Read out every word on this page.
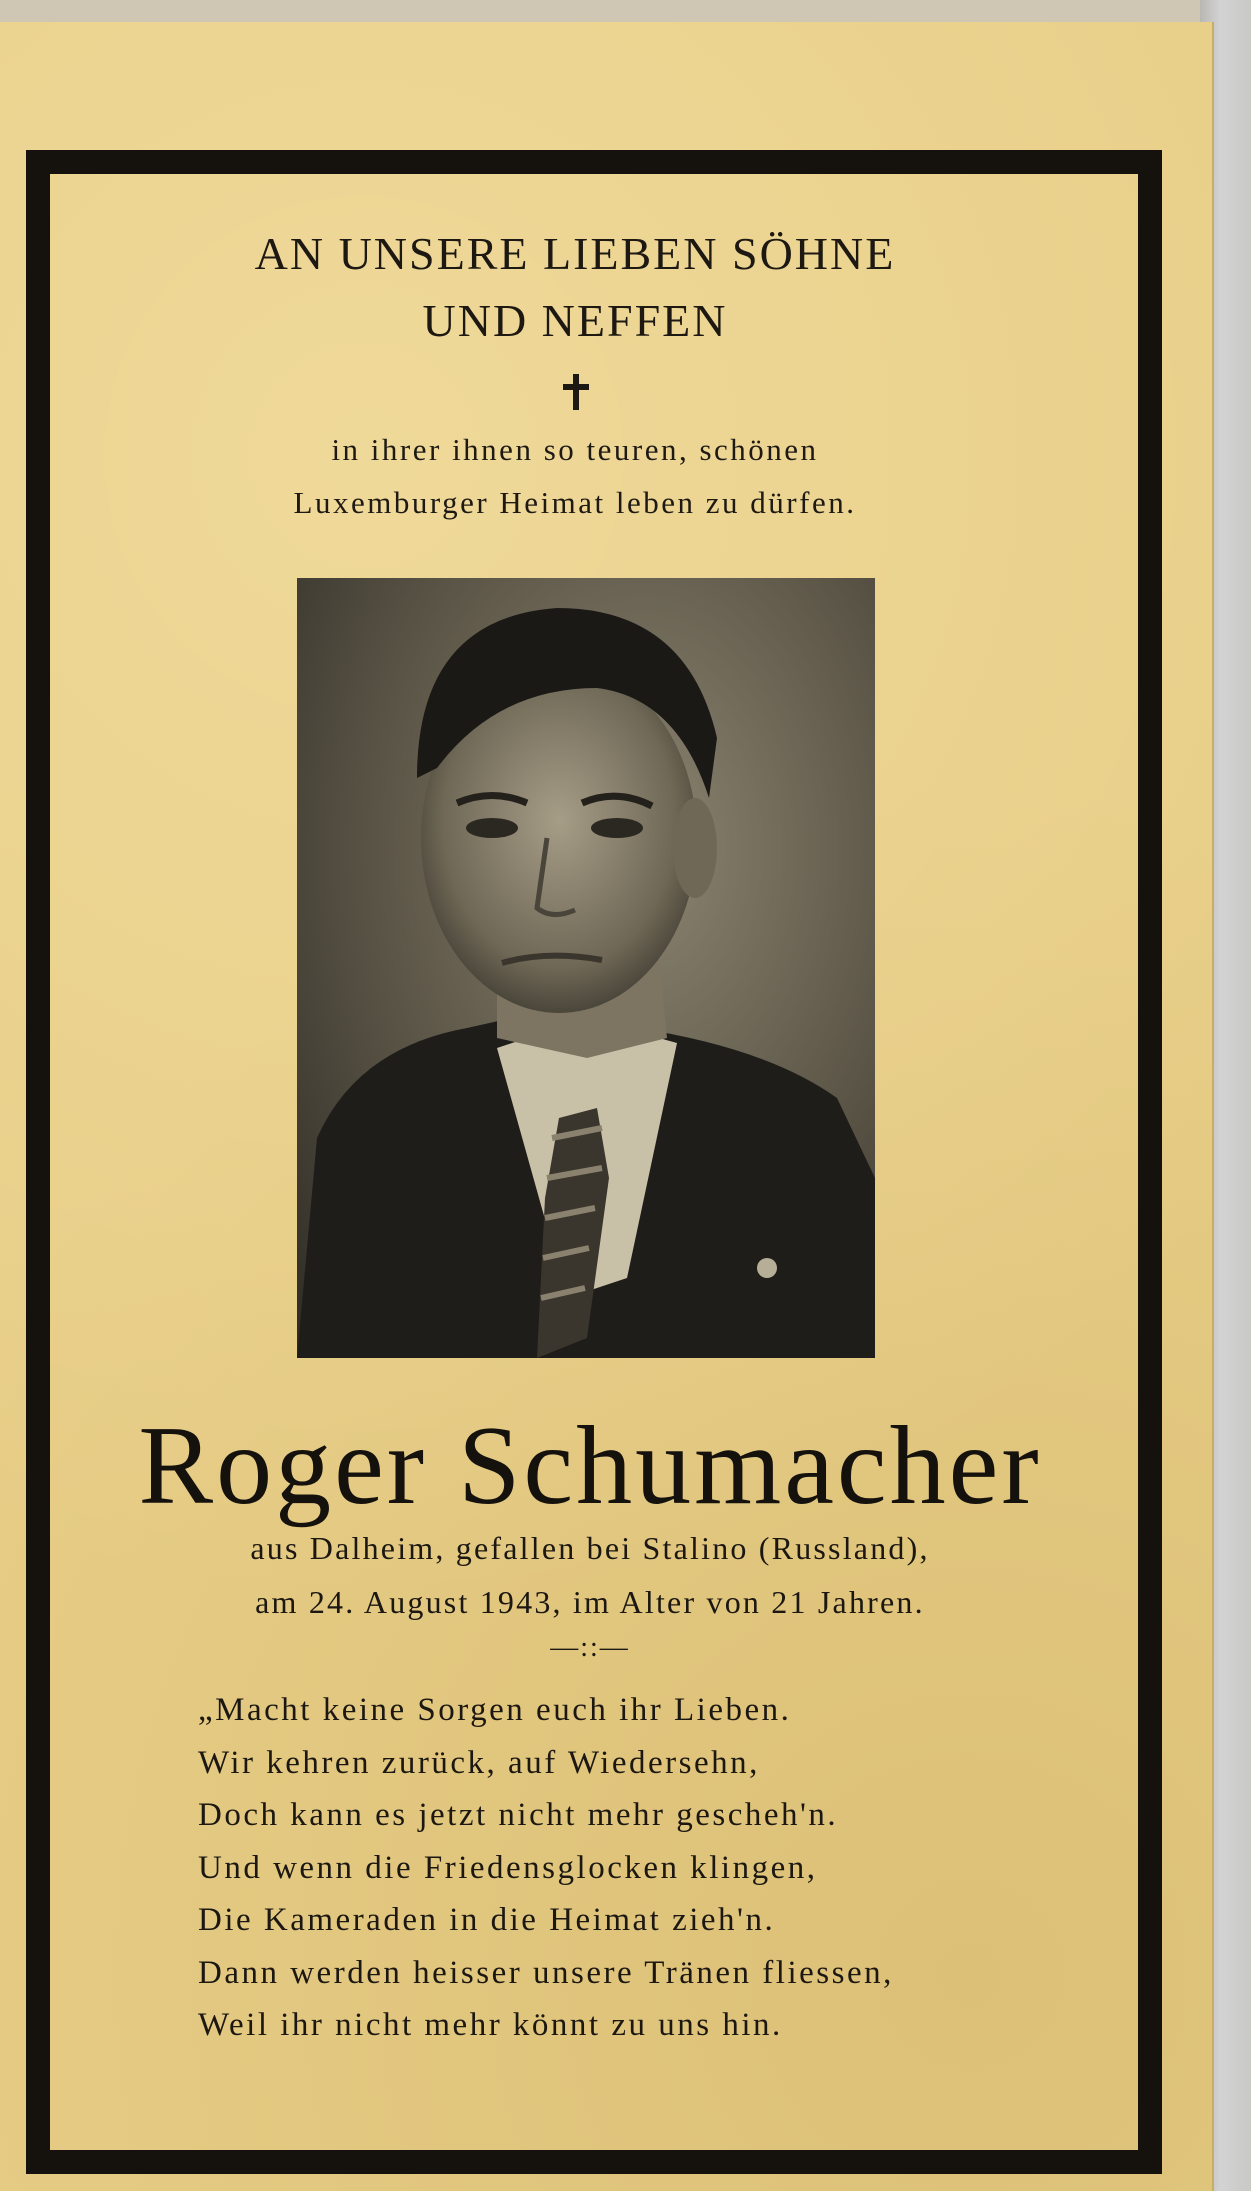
AN UNSERE LIEBEN SÖHNE
UND NEFFEN
in ihrer ihnen so teuren, schönen
Luxemburger Heimat leben zu dürfen.
Roger Schumacher
aus Dalheim, gefallen bei Stalino (Russland),
am 24. August 1943, im Alter von 21 Jahren.
—::—
„Macht keine Sorgen euch ihr Lieben.
Wir kehren zurück, auf Wiedersehn,
Doch kann es jetzt nicht mehr gescheh'n.
Und wenn die Friedensglocken klingen,
Die Kameraden in die Heimat zieh'n.
Dann werden heisser unsere Tränen fliessen,
Weil ihr nicht mehr könnt zu uns hin.
